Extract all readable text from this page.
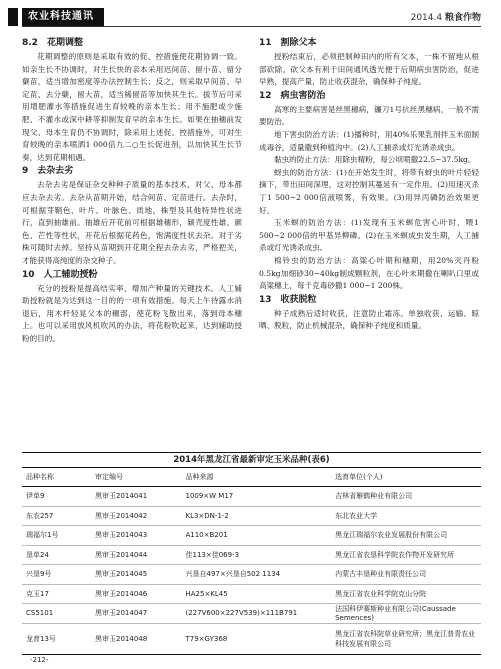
农业科技通讯	2014.4 粮食作物
8.2　花期调整
花期调整的原则是采取有效的促、控措施使花期协调一致。如亲生长不协调时，对生长快的亲本采用迟间苗、留小苗、留分蘖苗，适当增加密度等办法控制生长；反之，则采取早间苗、早定苗、去分蘖，留大苗，适当稀留苗等加快其生长。拔节后可采用增肥灌水等措施促进生育较晚的亲本生长；用不施肥或少施肥、不灌水或深中耕等抑制发育早的亲本生长。如果在抽穗前发现父、母本生育仍不协调时，除采用上述促、控措施外，可对生育较晚的亲本喷洒1 000倍九二○生长促进剂，以加快其生长节奏，达到花期相遇。
9　去杂去劣
去杂去劣是保证杂交种种子质量的基本技术，对父、母本都应去杂去劣。去杂从苗期开始，结合间苗、定苗进行。去杂时，可根据芽鞘色、叶片、叶脉色、质地，株型及其他特异性状进行，直到抽雄前。抽雄后开花前可根据雄穗形，颖壳度性雄、颜色、芒性等性状，开花后根据花药色，饱满度性状去杂。对于劣株可随时去掉。坚持从苗期到开花期全程去杂去劣，严格把关，才能获得高纯度的杂交种子。
10　人工辅助授粉
充分的授粉是提高结实率、增加产种量的关键技术。人工辅助授粉就是为达到这一目的的一项有效措施。每天上午待露水消退后，用木杆轻晃父本的穗部，使花粉飞散出来，落到母本穗上。也可以采用放风机吹风的办法，将花粉吹起来，达到辅助授粉的目的。
11　割除父本
授粉结束后，必须把制种田内的所有父本，一株不留地从根部砍除。砍父本有利于田间通风透光便于后期病虫害防治，促进早熟，提高产量，防止收获混杂，确保种子纯度。
12　病虫害防治
高寒的主要病害是丝黑穗病，镰刀1号抗丝黑穗病，一般不需要防治。
地下害虫防治方法：(1)播种时，用40%乐果乳剂拌玉米面制成毒谷，适量撒到种植沟中。(2)人工捕杀或灯光诱杀成虫。
黏虫的防止方法：用除虫精粉，每公顷喷撒22.5~37.5kg。
蚜虫的防治方法：(1)在开始发生时，将带有蚜虫的叶片轻轻摘下，带出田间深埋，这对控制其蔓延有一定作用。(2)用速灭杀丁1 500~2 000倍液喷雾，有效果。(3)用异丙磷防治效果更好。
玉米螟的防治方法：(1)发现有玉米螟危害心叶时，喂1 500~2 000倍的甲基异柳磷。(2)在玉米螟成虫发生期，人工捕杀或灯光诱杀成虫。
棉铃虫的防治方法：高粱心叶期和穗期，用20%灭丹粉0.5kg加细砂30~40kg制成颗粒剂，在心叶末期撒在喇叭口里或高粱穗上，每千克毒砂撒1 000~1 200株。
13　收获脱粒
种子成熟后适时收获，注意防止霜冻。单独收获、运输、晾晒、脱粒，防止机械混杂，确保种子纯度和质量。
2014年黑龙江省最新审定玉米品种(表6)
品种名称	审定编号	品种来源	选育单位(个人)
伊单9	黑审玉2014041	1009×W M17	吉林省雁鹤种业有限公司
东农257	黑审玉2014042	KL3×DN-1-2	东北农业大学
瑞福尔1号	黑审玉2014043	A110×B201	黑龙江瑞福尔农业发展股份有限公司
垦单24	黑审玉2014044	佳113×佳069-3	黑龙江省农垦科学院农作物开发研究所
兴垦9号	黑审玉2014045	兴垦自497×兴垦自502 1134	内蒙古丰垦种业有限责任公司
克玉17	黑审玉2014046	HA25×KL45	黑龙江省农业科学院克山分院
CS5101	黑审玉2014047	(227V600×227V539)×111B791	法国科伊赛斯种业有限公司(Caussade Semences)
龙育13号	黑审玉2014048	T79×GY368	黑龙江省农科院草业研究所；黑龙江普青农业科技发展有限公司
-212-
